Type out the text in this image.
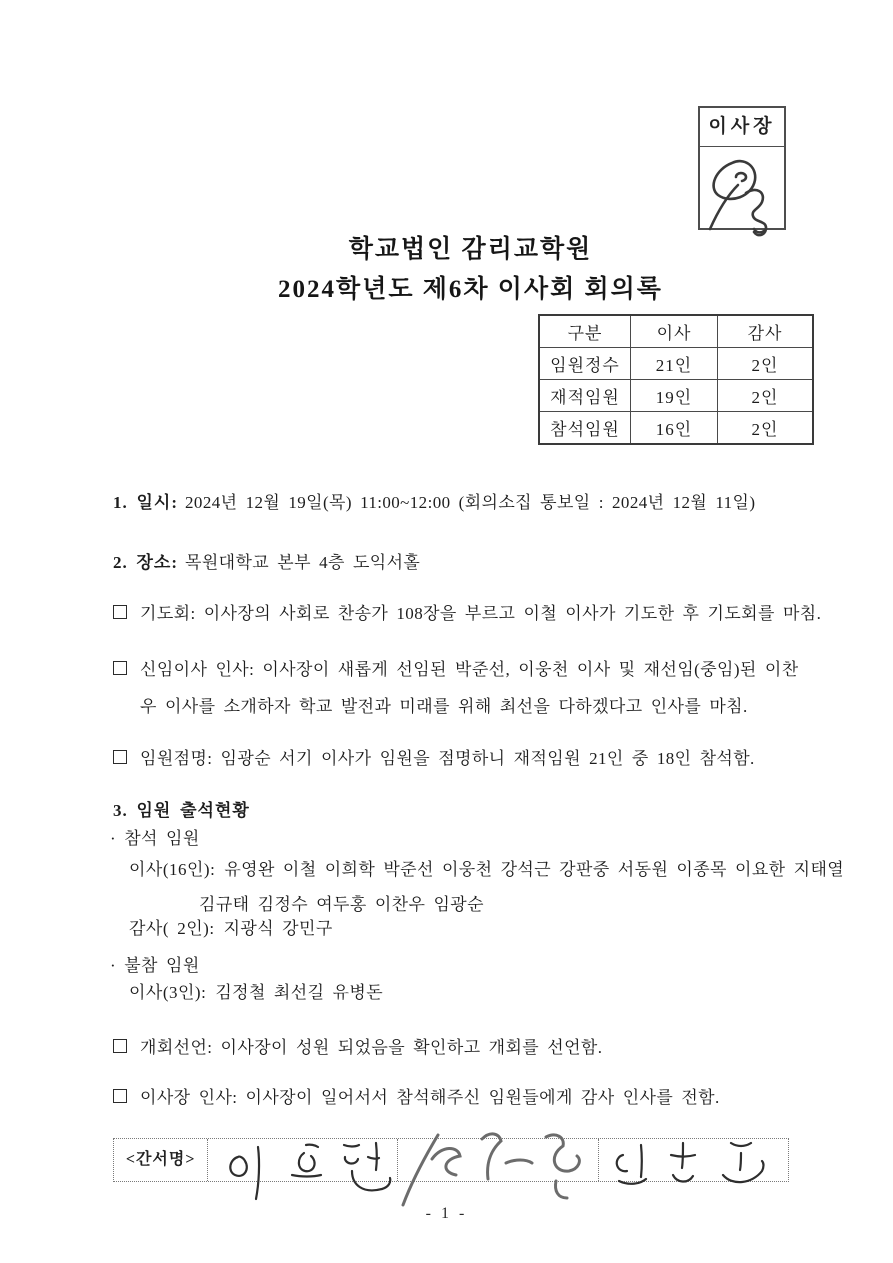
이사장
학교법인 감리교학원
2024학년도 제6차 이사회 회의록
구분	이사	감사
임원정수	21인	2인
재적임원	19인	2인
참석임원	16인	2인

1. 일시: 2024년 12월 19일(목) 11:00~12:00 (회의소집 통보일 : 2024년 12월 11일)

2. 장소: 목원대학교 본부 4층 도익서홀

기도회: 이사장의 사회로 찬송가 108장을 부르고 이철 이사가 기도한 후 기도회를 마침.

신임이사 인사: 이사장이 새롭게 선임된 박준선, 이웅천 이사 및 재선임(중임)된 이찬
우 이사를 소개하자 학교 발전과 미래를 위해 최선을 다하겠다고 인사를 마침.

임원점명: 임광순 서기 이사가 임원을 점명하니 재적임원 21인 중 18인 참석함.

3. 임원 출석현황

· 참석 임원

이사(16인): 유영완 이철 이희학 박준선 이웅천 강석근 강판중 서동원 이종목 이요한 지태열
김규태 김정수 여두홍 이찬우 임광순

감사( 2인): 지광식 강민구

· 불참 임원

이사(3인): 김정철 최선길 유병돈

개회선언: 이사장이 성원 되었음을 확인하고 개회를 선언함.

이사장 인사: 이사장이 일어서서 참석해주신 임원들에게 감사 인사를 전함.

<간서명>
- 1 -
